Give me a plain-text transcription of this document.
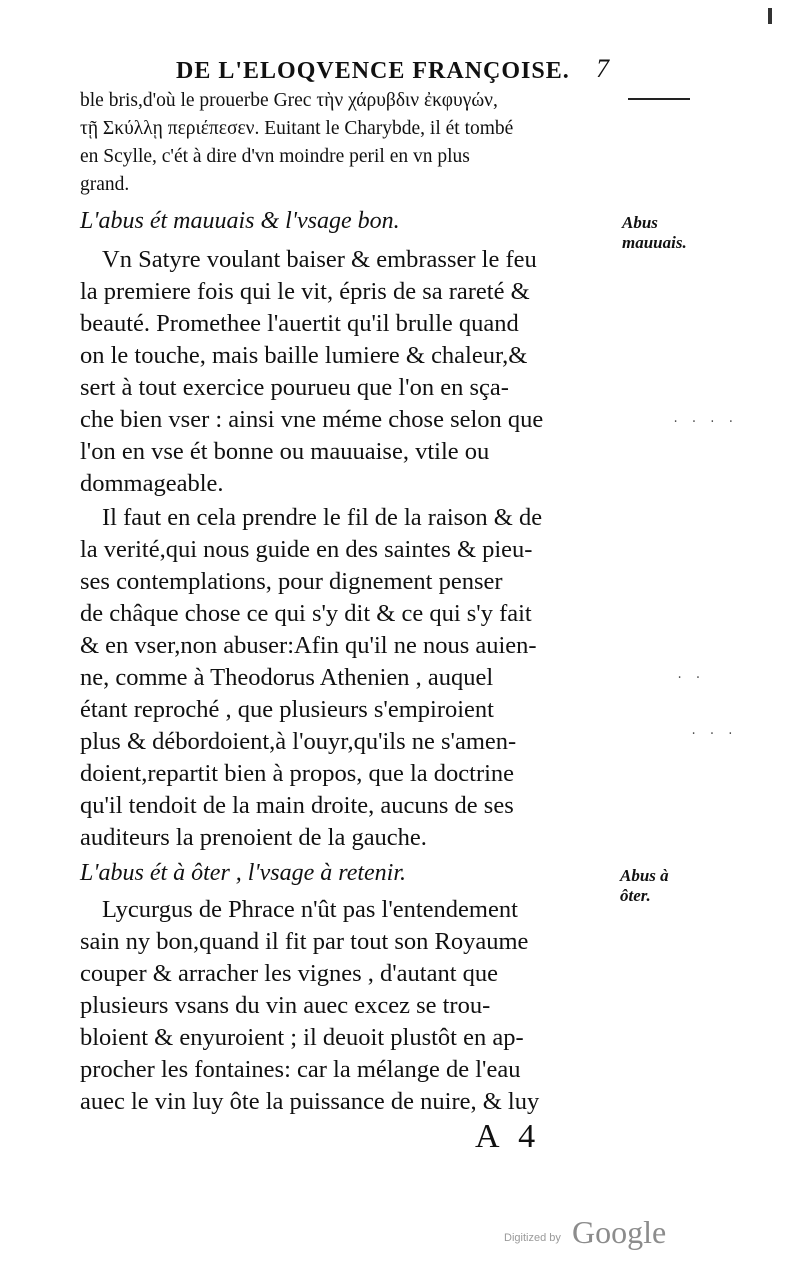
DE L'ELOQVENCE FRANÇOISE. 7
ble bris,d'où le prouerbe Grec τὴν χάρυβδιν ἐκφυγών,
τῇ Σκύλλῃ περιέπεσεν. Euitant le Charybde, il ét tombé
en Scylle, c'ét à dire d'vn moindre peril en vn plus
grand.
L'abus ét mauuais & l'vsage bon.	Abus mauuais.
Vn Satyre voulant baiser & embrasser le feu
la premiere fois qui le vit, épris de sa rareté &
beauté. Promethee l'auertit qu'il brulle quand
on le touche, mais baille lumiere & chaleur,&
sert à tout exercice pourueu que l'on en sça-
che bien vser : ainsi vne méme chose selon que
l'on en vse ét bonne ou mauuaise, vtile ou
dommageable.
. . . .
Il faut en cela prendre le fil de la raison & de
la verité,qui nous guide en des saintes & pieu-
ses contemplations, pour dignement penser
de châque chose ce qui s'y dit & ce qui s'y fait
& en vser,non abuser:Afin qu'il ne nous auien-
ne, comme à Theodorus Athenien , auquel
étant reproché , que plusieurs s'empiroient
plus & débordoient,à l'ouyr,qu'ils ne s'amen-
doient,repartit bien à propos, que la doctrine
qu'il tendoit de la main droite, aucuns de ses
auditeurs la prenoient de la gauche.
. .
. . .
L'abus ét à ôter , l'vsage à retenir.	Abus à ôter.
Lycurgus de Phrace n'ût pas l'entendement
sain ny bon,quand il fit par tout son Royaume
couper & arracher les vignes , d'autant que
plusieurs vsans du vin auec excez se trou-
bloient & enyuroient ; il deuoit plustôt en ap-
procher les fontaines: car la mélange de l'eau
auec le vin luy ôte la puissance de nuire, & luy
A 4
Digitized by Google
